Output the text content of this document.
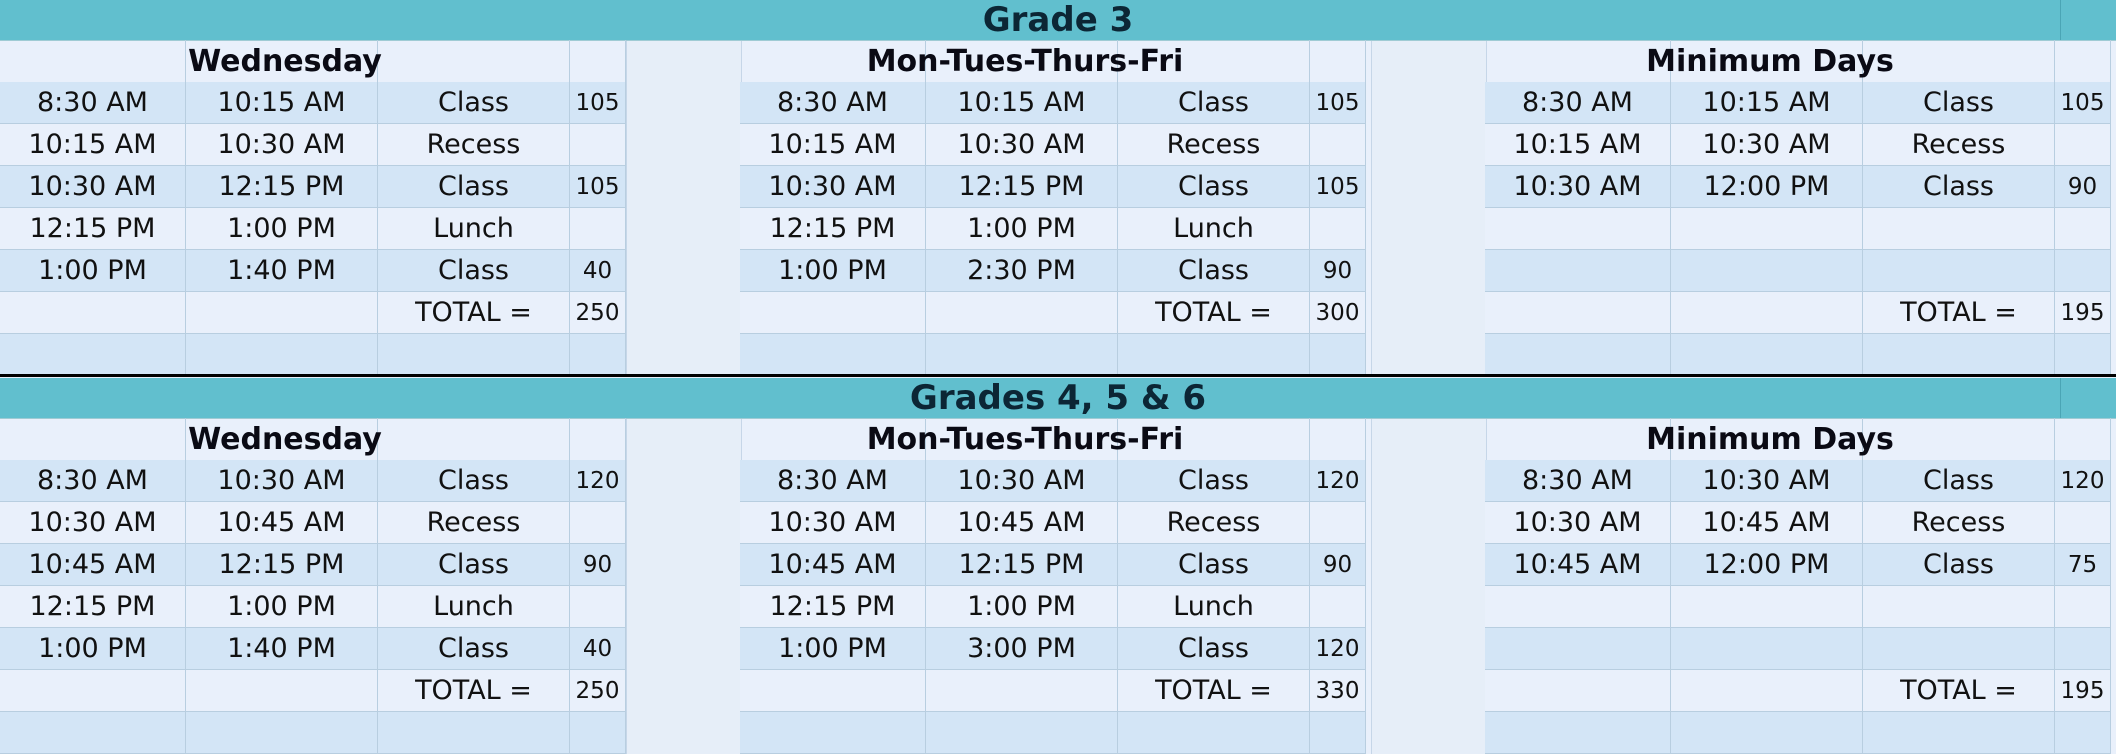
Grade 3
Wednesday
8:30 AM	10:15 AM	Class	105
10:15 AM	10:30 AM	Recess
10:30 AM	12:15 PM	Class	105
12:15 PM	1:00 PM	Lunch
1:00 PM	1:40 PM	Class	40
TOTAL =	250
Mon-Tues-Thurs-Fri
8:30 AM	10:15 AM	Class	105
10:15 AM	10:30 AM	Recess
10:30 AM	12:15 PM	Class	105
12:15 PM	1:00 PM	Lunch
1:00 PM	2:30 PM	Class	90
TOTAL =	300
Minimum Days
8:30 AM	10:15 AM	Class	105
10:15 AM	10:30 AM	Recess
10:30 AM	12:00 PM	Class	90
TOTAL =	195
Grades 4, 5 & 6
Wednesday
8:30 AM	10:30 AM	Class	120
10:30 AM	10:45 AM	Recess
10:45 AM	12:15 PM	Class	90
12:15 PM	1:00 PM	Lunch
1:00 PM	1:40 PM	Class	40
TOTAL =	250
Mon-Tues-Thurs-Fri
8:30 AM	10:30 AM	Class	120
10:30 AM	10:45 AM	Recess
10:45 AM	12:15 PM	Class	90
12:15 PM	1:00 PM	Lunch
1:00 PM	3:00 PM	Class	120
TOTAL =	330
Minimum Days
8:30 AM	10:30 AM	Class	120
10:30 AM	10:45 AM	Recess
10:45 AM	12:00 PM	Class	75
TOTAL =	195
